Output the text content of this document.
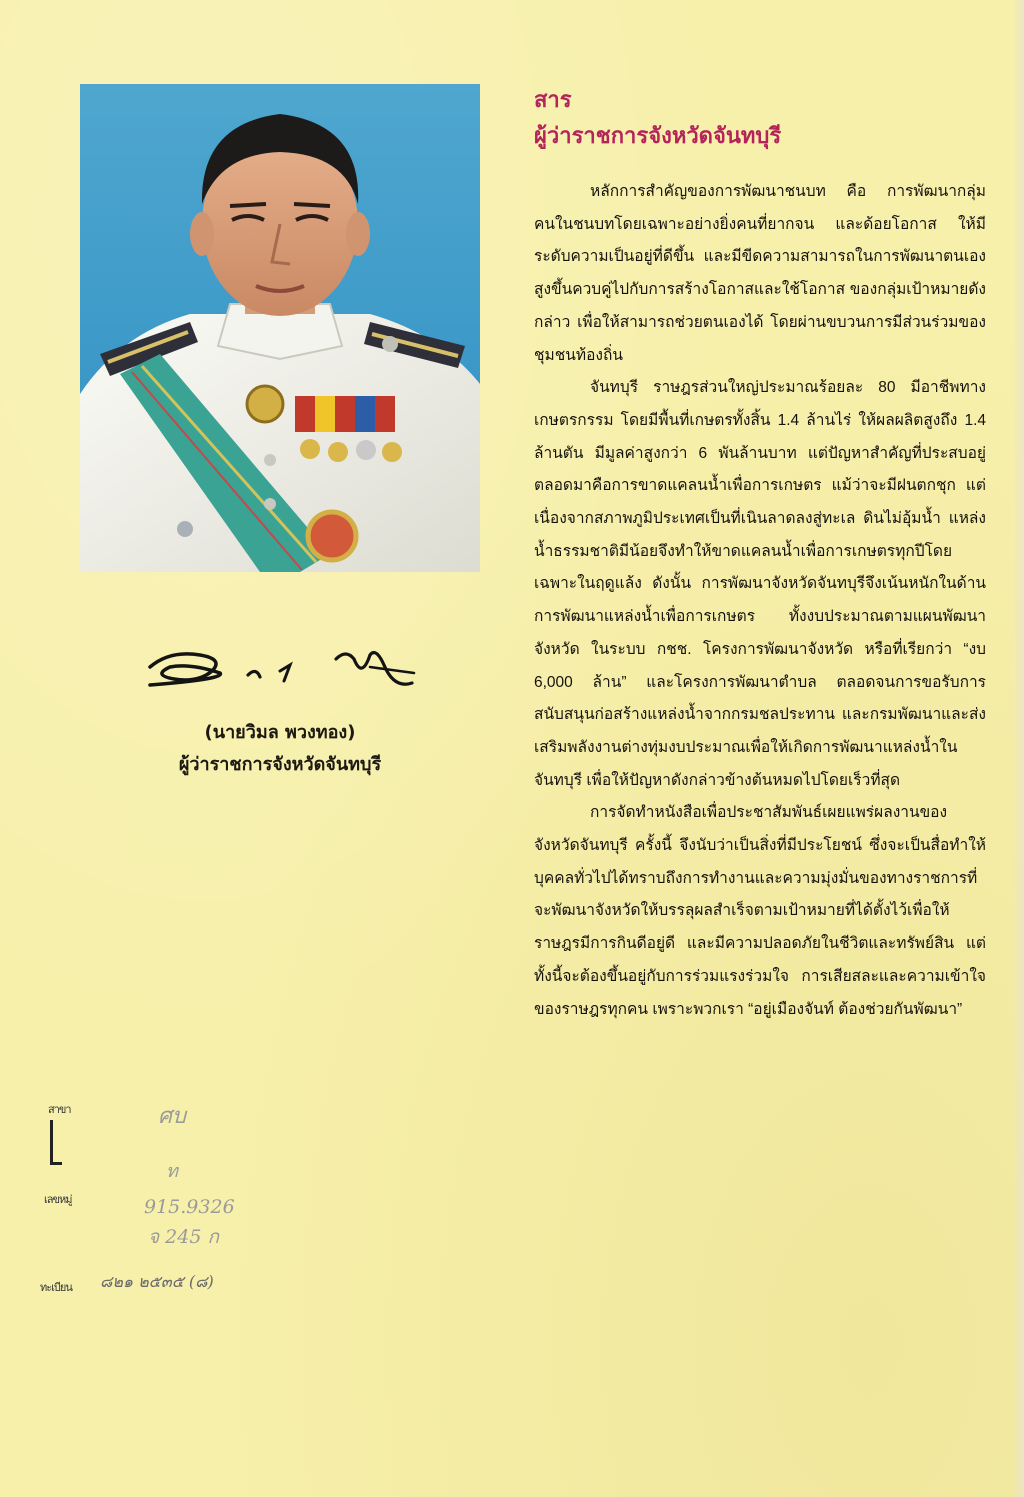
(นายวิมล พวงทอง)
ผู้ว่าราชการจังหวัดจันทบุรี
สาร
ผู้ว่าราชการจังหวัดจันทบุรี

หลักการสำคัญของการพัฒนาชนบท คือ การพัฒนากลุ่มคนในชนบทโดยเฉพาะอย่างยิ่งคนที่ยากจน และด้อยโอกาส ให้มีระดับความเป็นอยู่ที่ดีขึ้น และมีขีดความสามารถในการพัฒนาตนเองสูงขึ้นควบคู่ไปกับการสร้างโอกาสและใช้โอกาส ของกลุ่มเป้าหมายดังกล่าว เพื่อให้สามารถช่วยตนเองได้ โดยผ่านขบวนการมีส่วนร่วมของชุมชนท้องถิ่น

จันทบุรี ราษฎรส่วนใหญ่ประมาณร้อยละ 80 มีอาชีพทางเกษตรกรรม โดยมีพื้นที่เกษตรทั้งสิ้น 1.4 ล้านไร่ ให้ผลผลิตสูงถึง 1.4 ล้านตัน มีมูลค่าสูงกว่า 6 พันล้านบาท แต่ปัญหาสำคัญที่ประสบอยู่ตลอดมาคือการขาดแคลนน้ำเพื่อการเกษตร แม้ว่าจะมีฝนตกชุก แต่เนื่องจากสภาพภูมิประเทศเป็นที่เนินลาดลงสู่ทะเล ดินไม่อุ้มน้ำ แหล่งน้ำธรรมชาติมีน้อยจึงทำให้ขาดแคลนน้ำเพื่อการเกษตรทุกปีโดยเฉพาะในฤดูแล้ง ดังนั้น การพัฒนาจังหวัดจันทบุรีจึงเน้นหนักในด้านการพัฒนาแหล่งน้ำเพื่อการเกษตร ทั้งงบประมาณตามแผนพัฒนาจังหวัด ในระบบ กชช. โครงการพัฒนาจังหวัด หรือที่เรียกว่า “งบ 6,000 ล้าน” และโครงการพัฒนาตำบล ตลอดจนการขอรับการสนับสนุนก่อสร้างแหล่งน้ำจากกรมชลประทาน และกรมพัฒนาและส่งเสริมพลังงานต่างทุ่มงบประมาณเพื่อให้เกิดการพัฒนาแหล่งน้ำในจันทบุรี เพื่อให้ปัญหาดังกล่าวข้างต้นหมดไปโดยเร็วที่สุด

การจัดทำหนังสือเพื่อประชาสัมพันธ์เผยแพร่ผลงานของจังหวัดจันทบุรี ครั้งนี้ จึงนับว่าเป็นสิ่งที่มีประโยชน์ ซึ่งจะเป็นสื่อทำให้บุคคลทั่วไปได้ทราบถึงการทำงานและความมุ่งมั่นของทางราชการที่จะพัฒนาจังหวัดให้บรรลุผลสำเร็จตามเป้าหมายที่ได้ตั้งไว้เพื่อให้ราษฎรมีการกินดีอยู่ดี และมีความปลอดภัยในชีวิตและทรัพย์สิน แต่ทั้งนี้จะต้องขึ้นอยู่กับการร่วมแรงร่วมใจ การเสียสละและความเข้าใจของราษฎรทุกคน เพราะพวกเรา “อยู่เมืองจันท์ ต้องช่วยกันพัฒนา”

สาขา
เลขหมู่
ทะเบียน
ศบ
ท
915.9326
จ 245 ก
๘๒๑ ๒๕๓๕ (๘)
